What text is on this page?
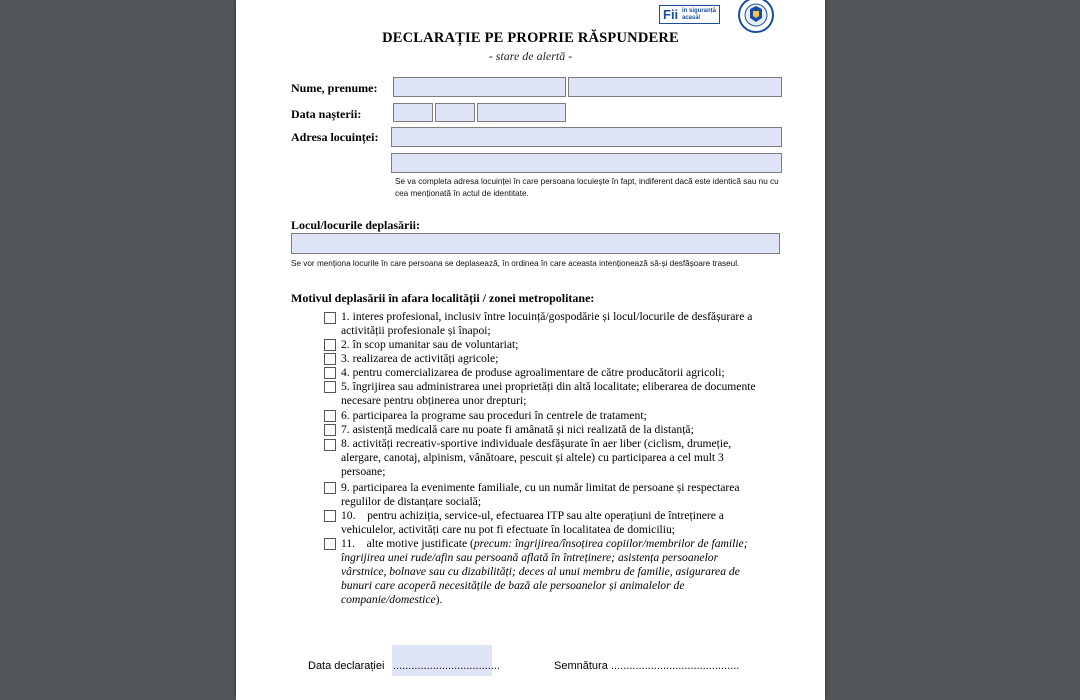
Fii în siguranță acasă!
DECLARAȚIE PE PROPRIE RĂSPUNDERE
- stare de alertă -
Nume, prenume:
Data nașterii:
Adresa locuinței:
Se va completa adresa locuinței în care persoana locuiește în fapt, indiferent dacă este identică sau nu cu cea menționată în actul de identitate.
Locul/locurile deplasării:
Se vor menționa locurile în care persoana se deplasează, în ordinea în care aceasta intenționează să-și desfășoare traseul.
Motivul deplasării în afara localității / zonei metropolitane:
1. interes profesional, inclusiv între locuință/gospodărie și locul/locurile de desfășurare a
activității profesionale și înapoi;
2. în scop umanitar sau de voluntariat;
3. realizarea de activități agricole;
4. pentru comercializarea de produse agroalimentare de către producătorii agricoli;
5. îngrijirea sau administrarea unei proprietăți din altă localitate; eliberarea de documente
necesare pentru obținerea unor drepturi;
6. participarea la programe sau proceduri în centrele de tratament;
7. asistență medicală care nu poate fi amânată și nici realizată de la distanță;
8. activități recreativ-sportive individuale desfășurate în aer liber (ciclism, drumeție,
alergare, canotaj, alpinism, vânătoare, pescuit și altele) cu participarea a cel mult 3
persoane;
9. participarea la evenimente familiale, cu un număr limitat de persoane și respectarea
regulilor de distanțare socială;
10.    pentru achiziția, service-ul, efectuarea ITP sau alte operațiuni de întreținere a
vehiculelor, activități care nu pot fi efectuate în localitatea de domiciliu;
11.    alte motive justificate (precum: îngrijirea/însoțirea copiilor/membrilor de familie;
îngrijirea unei rude/afin sau persoană aflată în întreținere; asistența persoanelor
vârstnice, bolnave sau cu dizabilități; deces al unui membru de familie, asigurarea de
bunuri care acoperă necesitățile de bază ale persoanelor și animalelor de
companie/domestice).
Data declarației ...................................	Semnătura ..........................................
